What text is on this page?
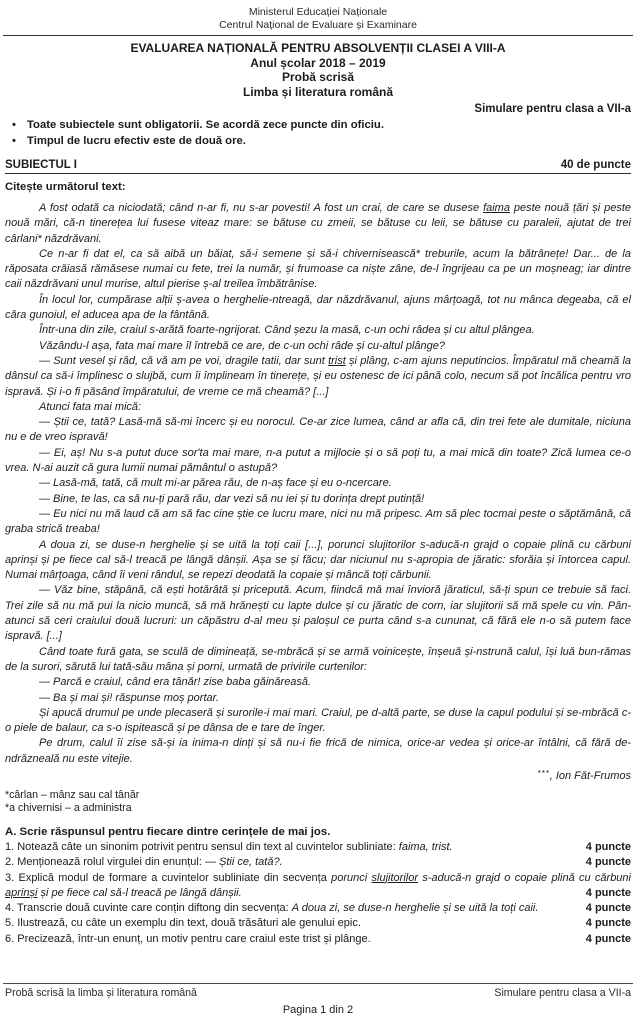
Ministerul Educației Naționale
Centrul Național de Evaluare și Examinare
EVALUAREA NAȚIONALĂ PENTRU ABSOLVENȚII CLASEI A VIII-A
Anul școlar 2018 – 2019
Probă scrisă
Limba și literatura română
Simulare pentru clasa a VII-a
• Toate subiectele sunt obligatorii. Se acordă zece puncte din oficiu.
• Timpul de lucru efectiv este de două ore.
SUBIECTUL I	40 de puncte
Citește următorul text:

A fost odată ca niciodată; când n-ar fi, nu s-ar povesti! A fost un crai, de care se dusese faima peste nouă țări și peste nouă mări, că-n tinerețea lui fusese viteaz mare: se bătuse cu zmeii, se bătuse cu leii, se bătuse cu paraleii, ajutat de trei cârlani* năzdrăvani.

Ce n-ar fi dat el, ca să aibă un băiat, să-i semene și să-i chivernisească* treburile, acum la bătrânețe! Dar... de la răposata crăiasă rămăsese numai cu fete, trei la număr, și frumoase ca niște zâne, de-l îngrijeau ca pe un moșneag; iar dintre caii năzdrăvani unul murise, altul pierise ș-al treilea îmbătrânise.

În locul lor, cumpărase alții ș-avea o herghelie-ntreagă, dar năzdrăvanul, ajuns mârțoagă, tot nu mânca degeaba, că el căra gunoiul, el aducea apa de la fântână.

Într-una din zile, craiul s-arătă foarte-ngrijorat. Când șezu la masă, c-un ochi râdea și cu altul plângea.

Văzându-l așa, fata mai mare îl întrebă ce are, de c-un ochi râde și cu-altul plânge?

— Sunt vesel și râd, că vă am pe voi, dragile tatii, dar sunt trist și plâng, c-am ajuns neputincios. Împăratul mă cheamă la dânsul ca să-i împlinesc o slujbă, cum îi împlineam în tinerețe, și eu ostenesc de ici până colo, necum să pot încălica pentru vro ispravă. Și i-o fi păsând împăratului, de vreme ce mă cheamă? [...]

Atunci fata mai mică:

— Știi ce, tată? Lasă-mă să-mi încerc și eu norocul. Ce-ar zice lumea, când ar afla că, din trei fete ale dumitale, niciuna nu e de vreo ispravă!

— Ei, aș! Nu s-a putut duce sor'ta mai mare, n-a putut a mijlocie și o să poți tu, a mai mică din toate? Zică lumea ce-o vrea. N-ai auzit că gura lumii numai pământul o astupă?

— Lasă-mă, tată, că mult mi-ar părea rău, de n-aș face și eu o-ncercare.

— Bine, te las, ca să nu-ți pară rău, dar vezi să nu iei și tu dorința drept putință!

— Eu nici nu mă laud că am să fac cine știe ce lucru mare, nici nu mă pripesc. Am să plec tocmai peste o săptămână, că graba strică treaba!

A doua zi, se duse-n herghelie și se uită la toți caii [...], porunci slujitorilor s-aducă-n grajd o copaie plină cu cărbuni aprinși și pe fiece cal să-l treacă pe lângă dânșii. Așa se și făcu; dar niciunul nu s-apropia de jăratic: sforăia și întorcea capul. Numai mârțoaga, când îi veni rândul, se repezi deodată la copaie și mâncă toți cărbunii.

— Văz bine, stăpână, că ești hotărâtă și pricepută. Acum, fiindcă mă mai învioră jăraticul, să-ți spun ce trebuie să faci. Trei zile să nu mă pui la nicio muncă, să mă hrănești cu lapte dulce și cu jăratic de corn, iar slujitorii să mă spele cu vin. Pân-atunci să ceri craiului două lucruri: un căpăstru d-al meu și paloșul ce purta când s-a cununat, că fără ele n-o să putem face ispravă. [...]

Când toate fură gata, se sculă de dimineață, se-mbrăcă și se armă voinicește, înșeuă și-nstrună calul, își luă bun-rămas de la surori, sărută lui tată-său mâna și porni, urmată de privirile curtenilor:

— Parcă e craiul, când era tânăr! zise baba găinăreasă.

— Ba și mai și! răspunse moș portar.

Și apucă drumul pe unde plecaseră și surorile-i mai mari. Craiul, pe d-altă parte, se duse la capul podului și se-mbrăcă c-o piele de balaur, ca s-o ispitească și pe dânsa de e tare de înger.

Pe drum, calul îi zise să-și ia inima-n dinți și să nu-i fie frică de nimica, orice-ar vedea și orice-ar întâlni, că fără de-ndrăzneală nu este vitejie.

***, Ion Făt-Frumos
*cârlan – mânz sau cal tânăr
*a chivernisi – a administra
A. Scrie răspunsul pentru fiecare dintre cerințele de mai jos.
1. Notează câte un sinonim potrivit pentru sensul din text al cuvintelor subliniate: faima, trist.	4 puncte
2. Menționează rolul virgulei din enunțul: — Știi ce, tată?.	4 puncte
3. Explică modul de formare a cuvintelor subliniate din secvența porunci slujitorilor s-aducă-n grajd o copaie plină cu cărbuni aprinși și pe fiece cal să-l treacă pe lângă dânșii.	4 puncte
4. Transcrie două cuvinte care conțin diftong din secvența: A doua zi, se duse-n herghelie și se uită la toți caii.	4 puncte
5. Ilustrează, cu câte un exemplu din text, două trăsături ale genului epic.	4 puncte
6. Precizează, într-un enunț, un motiv pentru care craiul este trist și plânge.	4 puncte
Probă scrisă la limba și literatura română	Simulare pentru clasa a VII-a
Pagina 1 din 2
